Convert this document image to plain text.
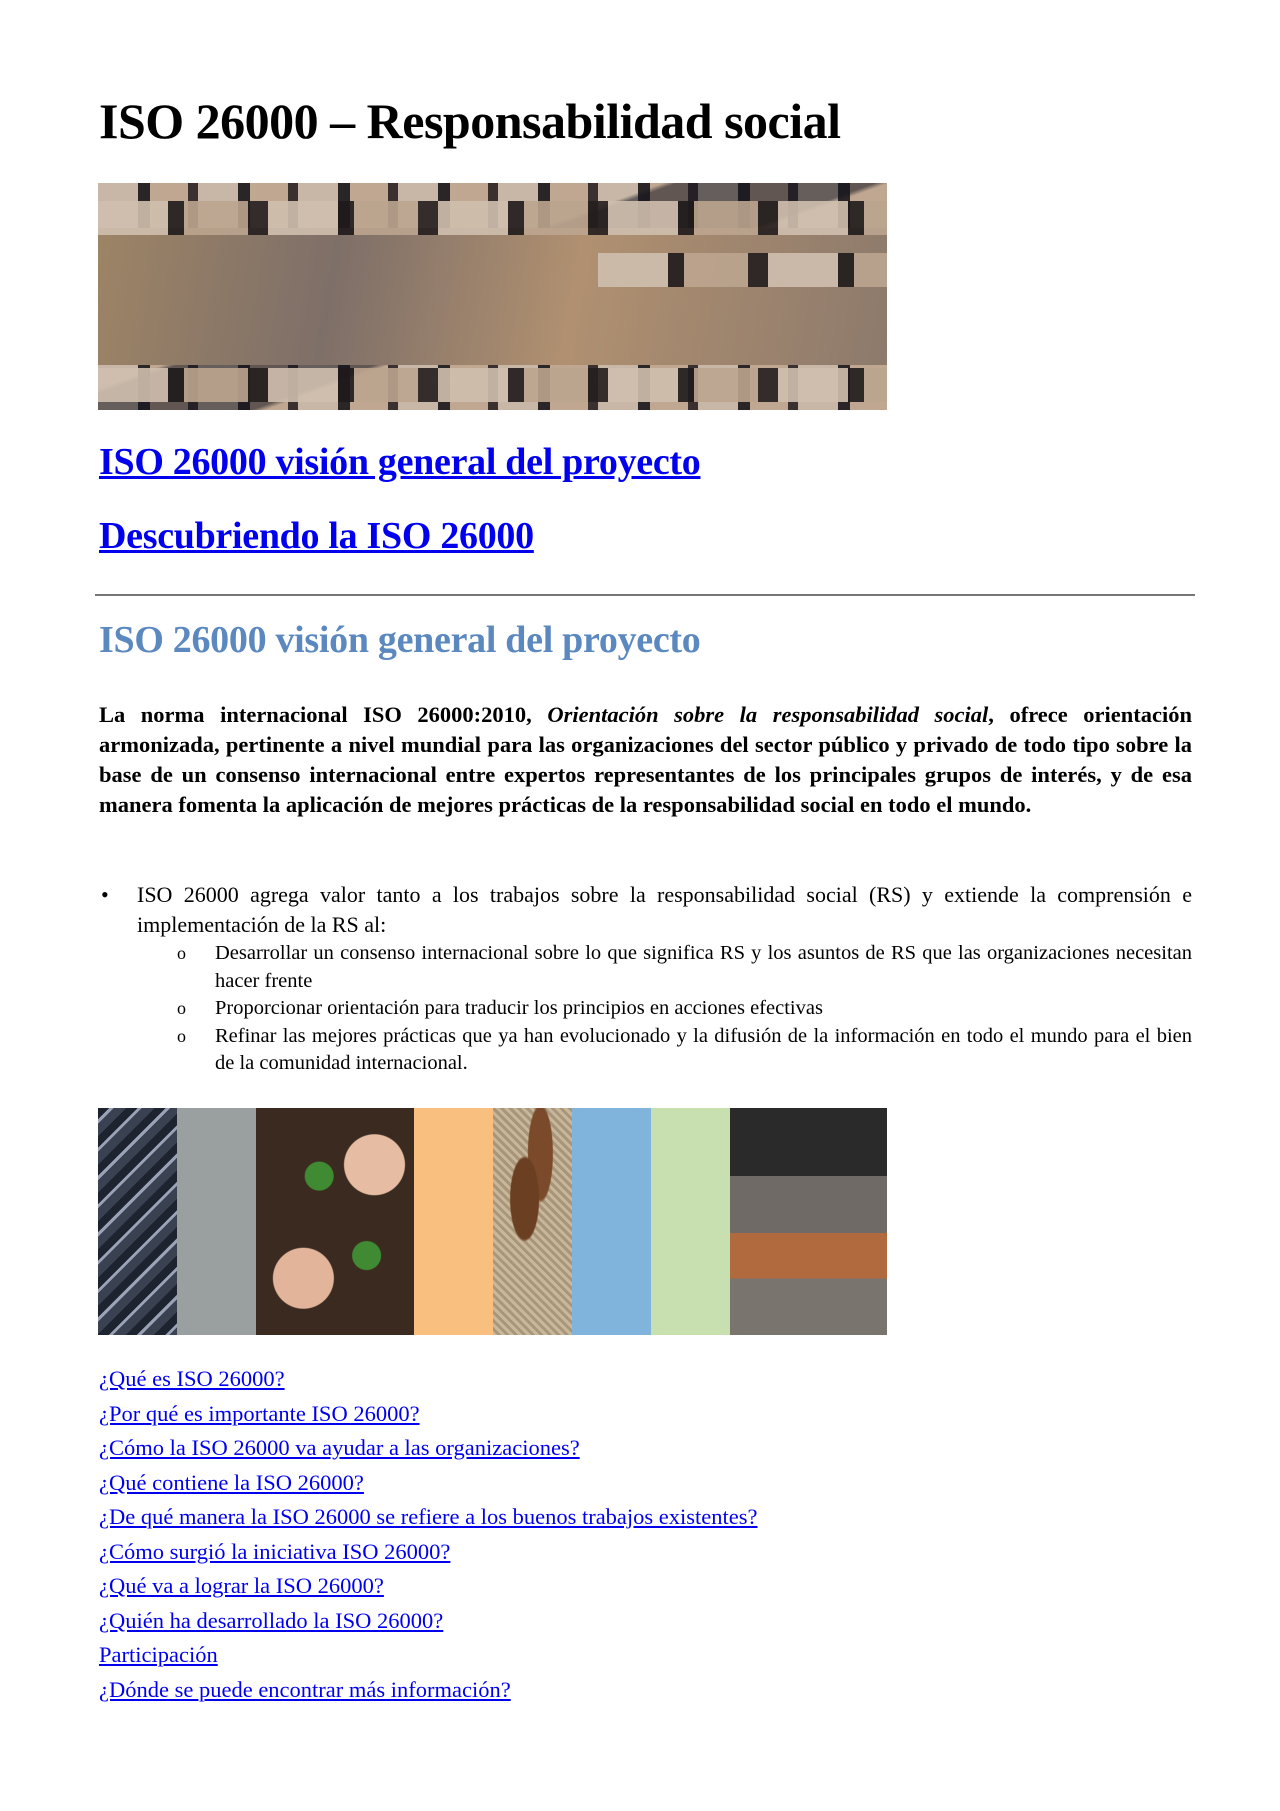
ISO 26000 – Responsabilidad social
ISO 26000 visión general del proyecto
Descubriendo la ISO 26000
ISO 26000 visión general del proyecto

La norma internacional ISO 26000:2010, Orientación sobre la responsabilidad social, ofrece orientación armonizada, pertinente a nivel mundial para las organizaciones del sector público y privado de todo tipo sobre la base de un consenso internacional entre expertos representantes de los principales grupos de interés, y de esa manera fomenta la aplicación de mejores prácticas de la responsabilidad social en todo el mundo.

• ISO 26000 agrega valor tanto a los trabajos sobre la responsabilidad social (RS) y extiende la comprensión e implementación de la RS al:
o Desarrollar un consenso internacional sobre lo que significa RS y los asuntos de RS que las organizaciones necesitan hacer frente
o Proporcionar orientación para traducir los principios en acciones efectivas
o Refinar las mejores prácticas que ya han evolucionado y la difusión de la información en todo el mundo para el bien de la comunidad internacional.
¿Qué es ISO 26000?
¿Por qué es importante ISO 26000?
¿Cómo la ISO 26000 va ayudar a las organizaciones?
¿Qué contiene la ISO 26000?
¿De qué manera la ISO 26000 se refiere a los buenos trabajos existentes?
¿Cómo surgió la iniciativa ISO 26000?
¿Qué va a lograr la ISO 26000?
¿Quién ha desarrollado la ISO 26000?
Participación
¿Dónde se puede encontrar más información?
